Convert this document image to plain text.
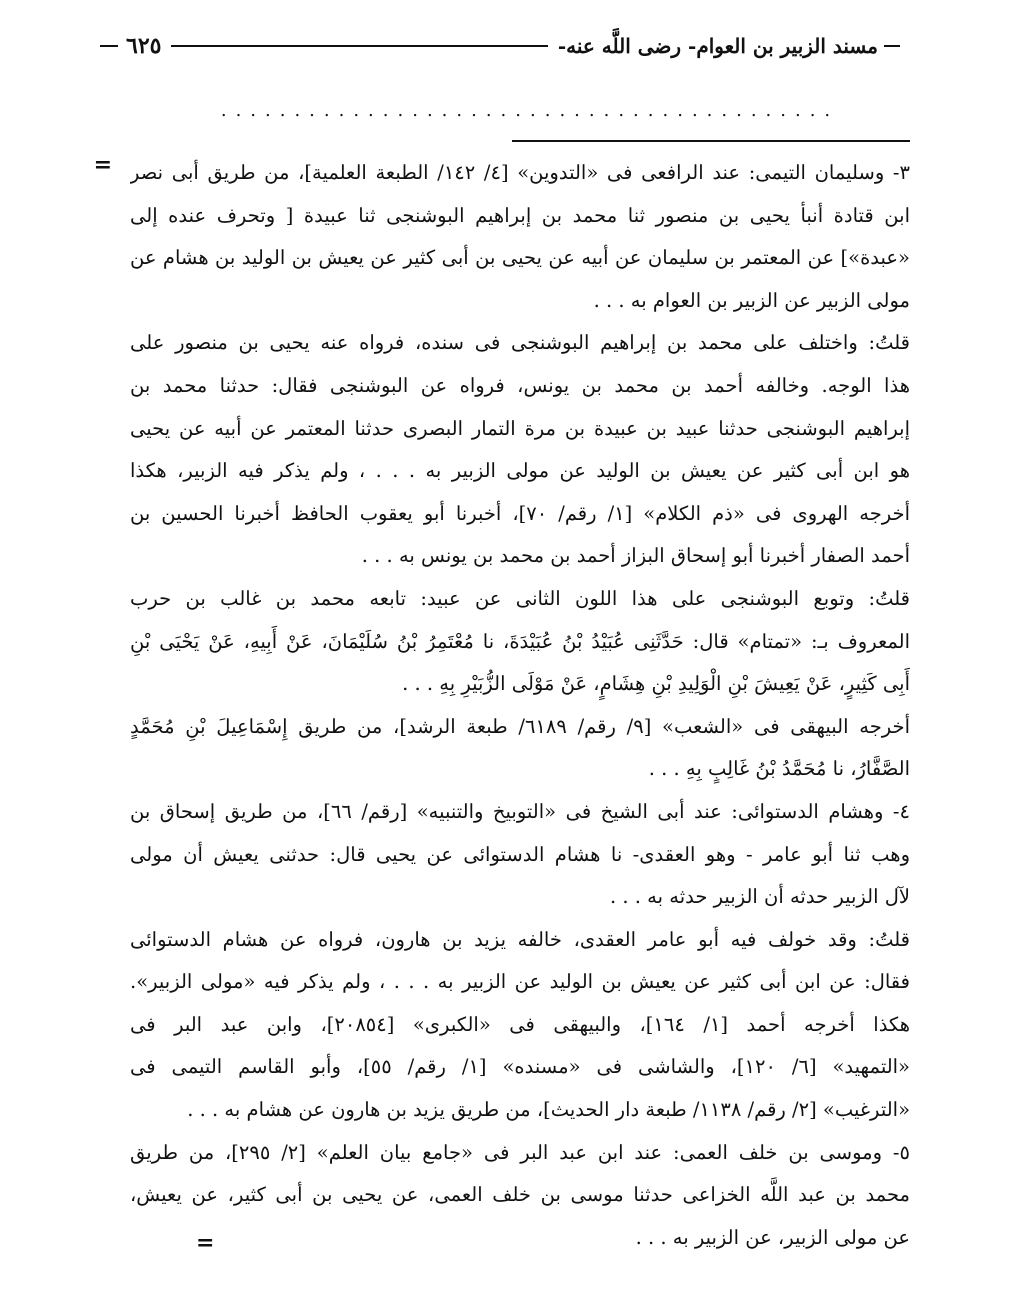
مسند الزبير بن العوام- رضى اللَّه عنه-
٦٢٥
..........................................
=
=
٣- وسليمان التيمى: عند الرافعى فى «التدوين» [٤/ ١٤٢/ الطبعة العلمية]، من طريق أبى نصر
ابن قتادة أنبأ يحيى بن منصور ثنا محمد بن إبراهيم البوشنجى ثنا عبيدة [ وتحرف عنده إلى
«عبدة»] عن المعتمر بن سليمان عن أبيه عن يحيى بن أبى كثير عن يعيش بن الوليد بن هشام عن
مولى الزبير عن الزبير بن العوام به . . .
قلتُ: واختلف على محمد بن إبراهيم البوشنجى فى سنده، فرواه عنه يحيى بن منصور على
هذا الوجه. وخالفه أحمد بن محمد بن يونس، فرواه عن البوشنجى فقال: حدثنا محمد بن
إبراهيم البوشنجى حدثنا عبيد بن عبيدة بن مرة التمار البصرى حدثنا المعتمر عن أبيه عن يحيى
هو ابن أبى كثير عن يعيش بن الوليد عن مولى الزبير به . . . ، ولم يذكر فيه الزبير، هكذا
أخرجه الهروى فى «ذم الكلام» [١/ رقم/ ٧٠]، أخبرنا أبو يعقوب الحافظ أخبرنا الحسين بن
أحمد الصفار أخبرنا أبو إسحاق البزاز أحمد بن محمد بن يونس به . . .
قلتُ: وتوبع البوشنجى على هذا اللون الثانى عن عبيد: تابعه محمد بن غالب بن حرب
المعروف بـ: «تمتام» قال: حَدَّثَنِى عُبَيْدُ بْنُ عُبَيْدَةَ، نا مُعْتَمِرُ بْنُ سُلَيْمَانَ، عَنْ أَبِيهِ، عَنْ يَحْيَى بْنِ
أَبِى كَثِيرٍ، عَنْ يَعِيشَ بْنِ الْوَلِيدِ بْنِ هِشَامٍ، عَنْ مَوْلَى الزُّبَيْرِ بِهِ . . .
أخرجه البيهقى فى «الشعب» [٩/ رقم/ ٦١٨٩/ طبعة الرشد]، من طريق إِسْمَاعِيلَ بْنِ مُحَمَّدٍ
الصَّفَّارُ، نا مُحَمَّدُ بْنُ غَالِبٍ بِهِ . . .
٤- وهشام الدستوائى: عند أبى الشيخ فى «التوبيخ والتنبيه» [رقم/ ٦٦]، من طريق إسحاق بن
وهب ثنا أبو عامر - وهو العقدى- نا هشام الدستوائى عن يحيى قال: حدثنى يعيش أن مولى
لآل الزبير حدثه أن الزبير حدثه به . . .
قلتُ: وقد خولف فيه أبو عامر العقدى، خالفه يزيد بن هارون، فرواه عن هشام الدستوائى
فقال: عن ابن أبى كثير عن يعيش بن الوليد عن الزبير به . . . ، ولم يذكر فيه «مولى الزبير».
هكذا أخرجه أحمد [١/ ١٦٤]، والبيهقى فى «الكبرى» [٢٠٨٥٤]، وابن عبد البر فى
«التمهيد» [٦/ ١٢٠]، والشاشى فى «مسنده» [١/ رقم/ ٥٥]، وأبو القاسم التيمى فى
«الترغيب» [٢/ رقم/ ١١٣٨/ طبعة دار الحديث]، من طريق يزيد بن هارون عن هشام به . . .
٥- وموسى بن خلف العمى: عند ابن عبد البر فى «جامع بيان العلم» [٢/ ٢٩٥]، من طريق
محمد بن عبد اللَّه الخزاعى حدثنا موسى بن خلف العمى، عن يحيى بن أبى كثير، عن يعيش،
عن مولى الزبير، عن الزبير به . . .
